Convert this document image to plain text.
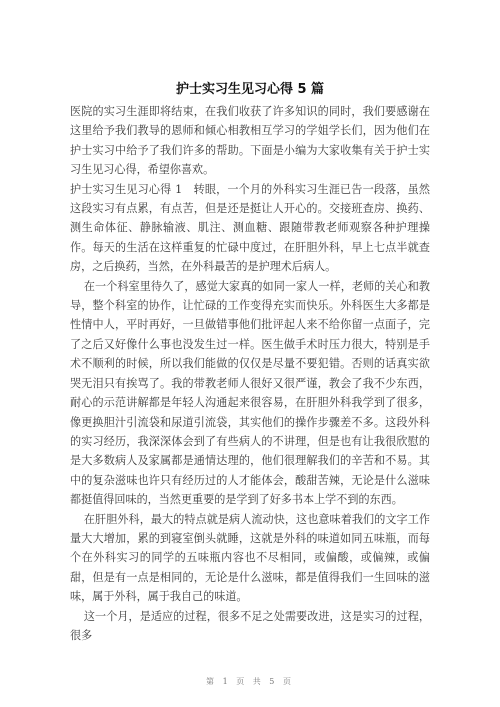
护士实习生见习心得 5 篇

医院的实习生涯即将结束，在我们收获了许多知识的同时，我们要感谢在这里给予我们教导的恩师和倾心相教相互学习的学姐学长们，因为他们在护士实习中给予了我们许多的帮助。下面是小编为大家收集有关于护士实习生见习心得，希望你喜欢。

护士实习生见习心得 1　转眼，一个月的外科实习生涯已告一段落，虽然这段实习有点累，有点苦，但是还是挺让人开心的。交接班查房、换药、测生命体征、静脉输液、肌注、测血糖、跟随带教老师观察各种护理操作。每天的生活在这样重复的忙碌中度过，在肝胆外科，早上七点半就查房，之后换药，当然，在外科最苦的是护理术后病人。

在一个科室里待久了，感觉大家真的如同一家人一样，老师的关心和教导，整个科室的协作，让忙碌的工作变得充实而快乐。外科医生大多都是性情中人，平时再好，一旦做错事他们批评起人来不给你留一点面子，完了之后又好像什么事也没发生过一样。医生做手术时压力很大，特别是手术不顺利的时候，所以我们能做的仅仅是尽量不要犯错。否则的话真实欲哭无泪只有挨骂了。我的带教老师人很好又很严谨，教会了我不少东西，耐心的示范讲解都是年轻人沟通起来很容易，在肝胆外科我学到了很多，像更换胆汁引流袋和尿道引流袋，其实他们的操作步骤差不多。这段外科的实习经历，我深深体会到了有些病人的不讲理，但是也有让我很欣慰的是大多数病人及家属都是通情达理的，他们很理解我们的辛苦和不易。其中的复杂滋味也许只有经历过的人才能体会，酸甜苦辣，无论是什么滋味都挺值得回味的，当然更重要的是学到了好多书本上学不到的东西。

在肝胆外科，最大的特点就是病人流动快，这也意味着我们的文字工作量大大增加，累的到寝室倒头就睡，这就是外科的味道如同五味瓶，而每个在外科实习的同学的五味瓶内容也不尽相同，或偏酸，或偏辣，或偏甜，但是有一点是相同的，无论是什么滋味，都是值得我们一生回味的滋味，属于外科，属于我自己的味道。

这一个月，是适应的过程，很多不足之处需要改进，这是实习的过程，很多

第 1 页 共 5 页
